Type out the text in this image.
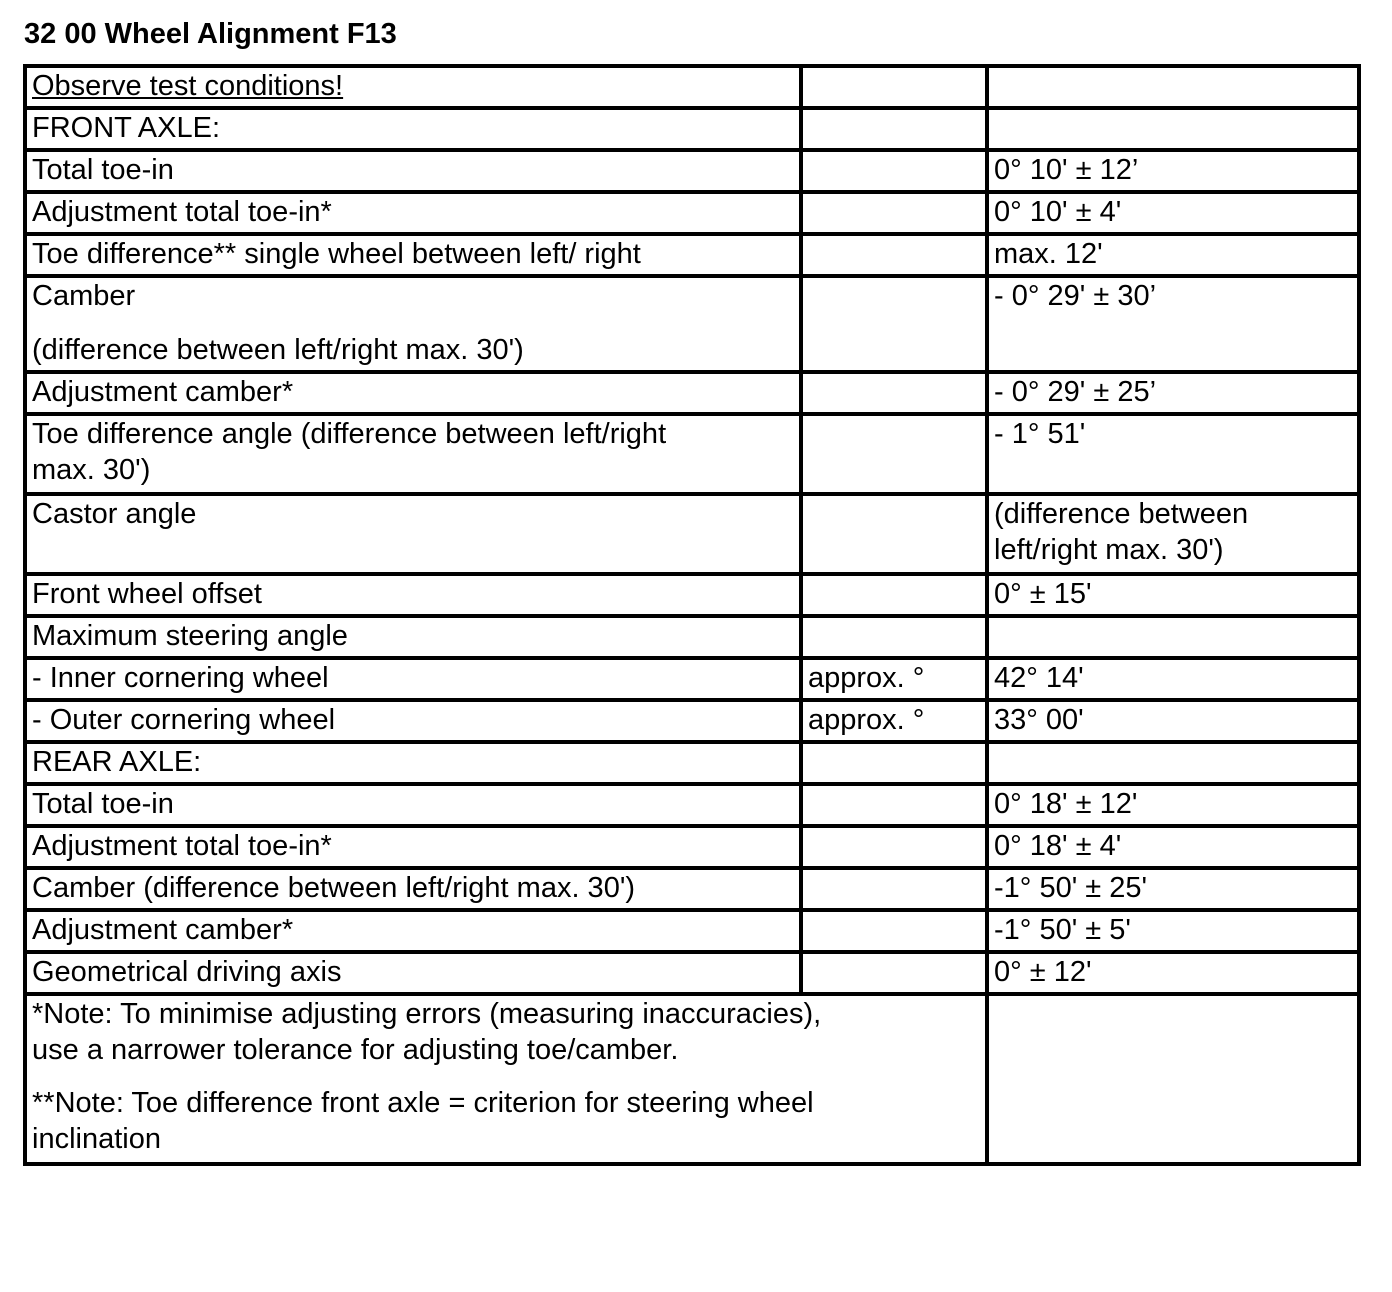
32 00 Wheel Alignment F13
Observe test conditions!		
FRONT AXLE:		
Total toe-in		0° 10' ± 12’
Adjustment total toe-in*		0° 10' ± 4'
Toe difference** single wheel between left/ right		max. 12'

Camber
(difference between left/right max. 30')		- 0° 29' ± 30’
Adjustment camber*		- 0° 29' ± 25’

Toe difference angle (difference between left/right
max. 30')		- 1° 51'
Castor angle		(difference between
left/right max. 30')

Front wheel offset		0° ± 15'
Maximum steering angle		
- Inner cornering wheel	approx. °	42° 14'
- Outer cornering wheel	approx. °	33° 00'
REAR AXLE:		
Total toe-in		0° 18' ± 12'
Adjustment total toe-in*		0° 18' ± 4'
Camber (difference between left/right max. 30')		-1° 50' ± 25'
Adjustment camber*		-1° 50' ± 5'
Geometrical driving axis		0° ± 12'

*Note: To minimise adjusting errors (measuring inaccuracies),
use a narrower tolerance for adjusting toe/camber.
**Note: Toe difference front axle = criterion for steering wheel
inclination		
